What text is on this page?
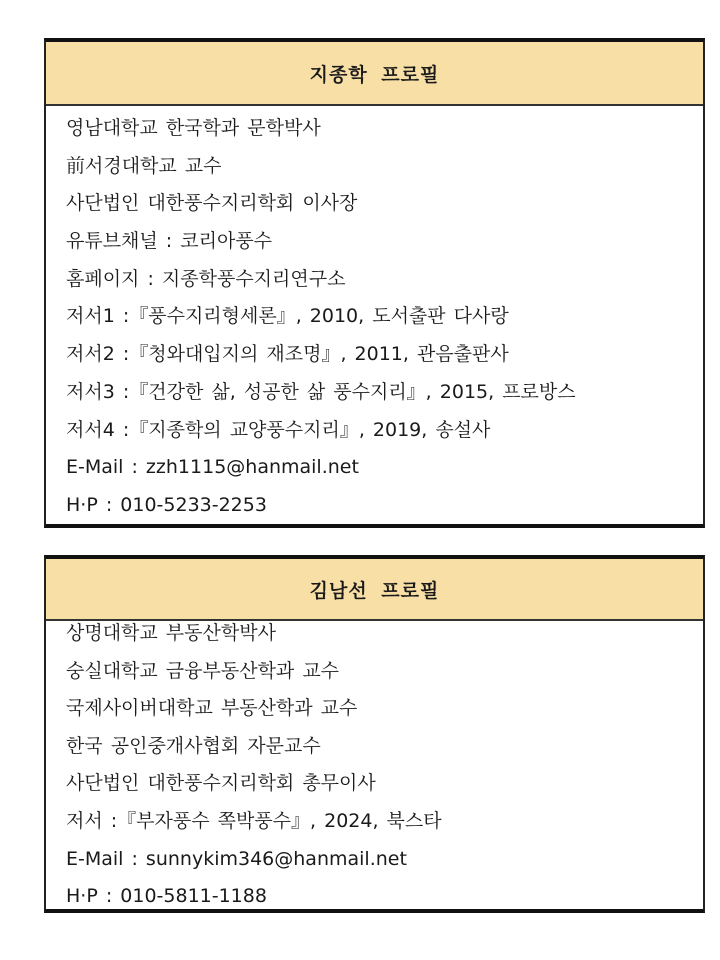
지종학 프로필
영남대학교 한국학과 문학박사
前서경대학교 교수
사단법인 대한풍수지리학회 이사장
유튜브채널 : 코리아풍수
홈페이지 : 지종학풍수지리연구소
저서1 :『풍수지리형세론』, 2010, 도서출판 다사랑
저서2 :『청와대입지의 재조명』, 2011, 관음출판사
저서3 :『건강한 삶, 성공한 삶 풍수지리』, 2015, 프로방스
저서4 :『지종학의 교양풍수지리』, 2019, 송설사
E-Mail : zzh1115@hanmail.net
H·P : 010-5233-2253
김남선 프로필
상명대학교 부동산학박사
숭실대학교 금융부동산학과 교수
국제사이버대학교 부동산학과 교수
한국 공인중개사협회 자문교수
사단법인 대한풍수지리학회 총무이사
저서 :『부자풍수 쪽박풍수』, 2024, 북스타
E-Mail : sunnykim346@hanmail.net
H·P : 010-5811-1188
